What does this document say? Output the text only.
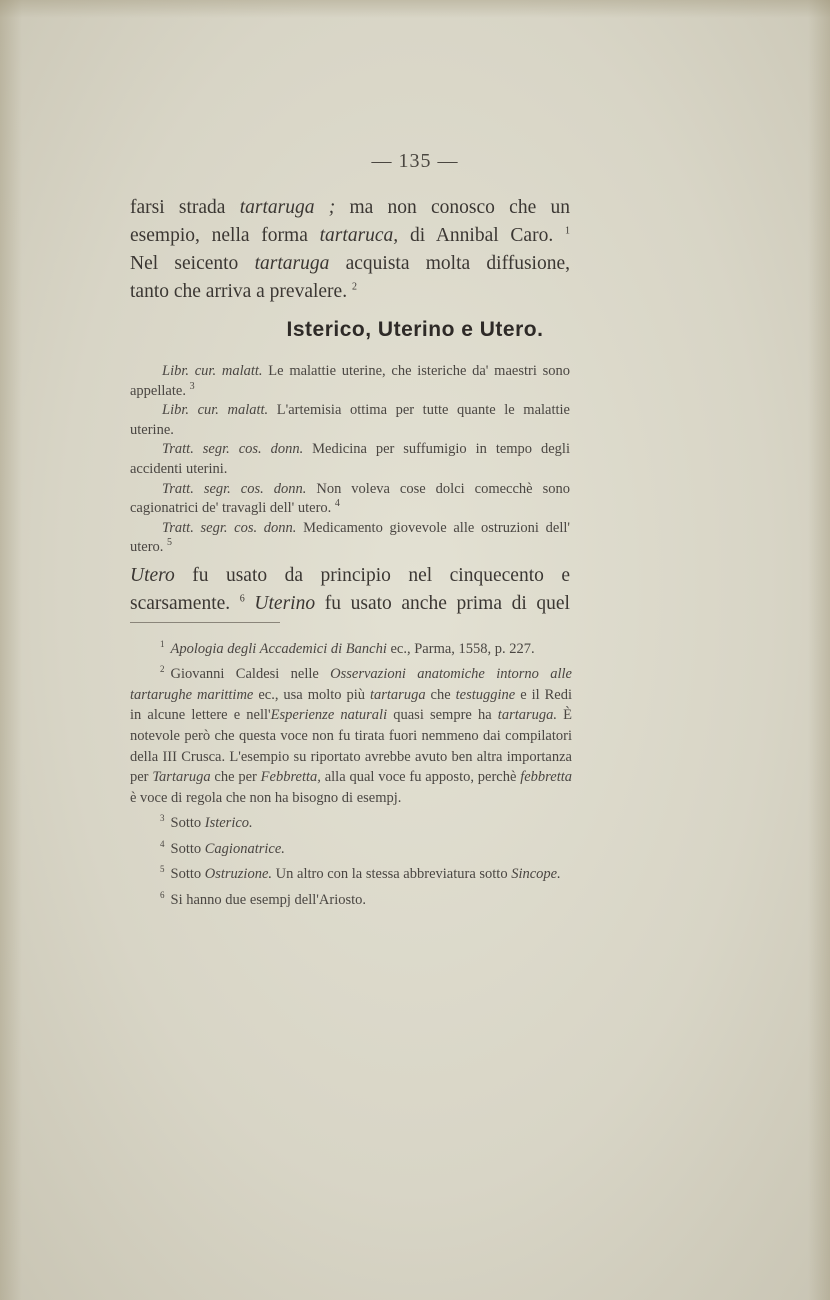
— 135 —
farsi strada tartaruga ; ma non conosco che un
esempio, nella forma tartaruca, di Annibal Caro. $^1$
Nel seicento tartaruga acquista molta diffusione,
tanto che arriva a prevalere. $^2$
Isterico, Uterino e Utero.

Libr. cur. malatt. Le malattie uterine, che isteriche da' maestri sono appellate. $^3$

Libr. cur. malatt. L'artemisia ottima per tutte quante le malattie uterine.

Tratt. segr. cos. donn. Medicina per suffumigio in tempo degli accidenti uterini.

Tratt. segr. cos. donn. Non voleva cose dolci comecchè sono cagionatrici de' travagli dell' utero. $^4$

Tratt. segr. cos. donn. Medicamento giovevole alle ostruzioni dell' utero. $^5$

Utero fu usato da principio nel cinquecento e
scarsamente. $^6$ Uterino fu usato anche prima di quel

$^1$ Apologia degli Accademici di Banchi ec., Parma, 1558, p. 227.

$^2$ Giovanni Caldesi nelle Osservazioni anatomiche intorno alle tartarughe marittime ec., usa molto più tartaruga che testuggine e il Redi in alcune lettere e nell'Esperienze naturali quasi sempre ha tartaruga. È notevole però che questa voce non fu tirata fuori nemmeno dai compilatori della III Crusca. L'esempio su riportato avrebbe avuto ben altra importanza per Tartaruga che per Febbretta, alla qual voce fu apposto, perchè febbretta è voce di regola che non ha bisogno di esempj.

$^3$ Sotto Isterico.

$^4$ Sotto Cagionatrice.

$^5$ Sotto Ostruzione. Un altro con la stessa abbreviatura sotto Sincope.

$^6$ Si hanno due esempj dell'Ariosto.
